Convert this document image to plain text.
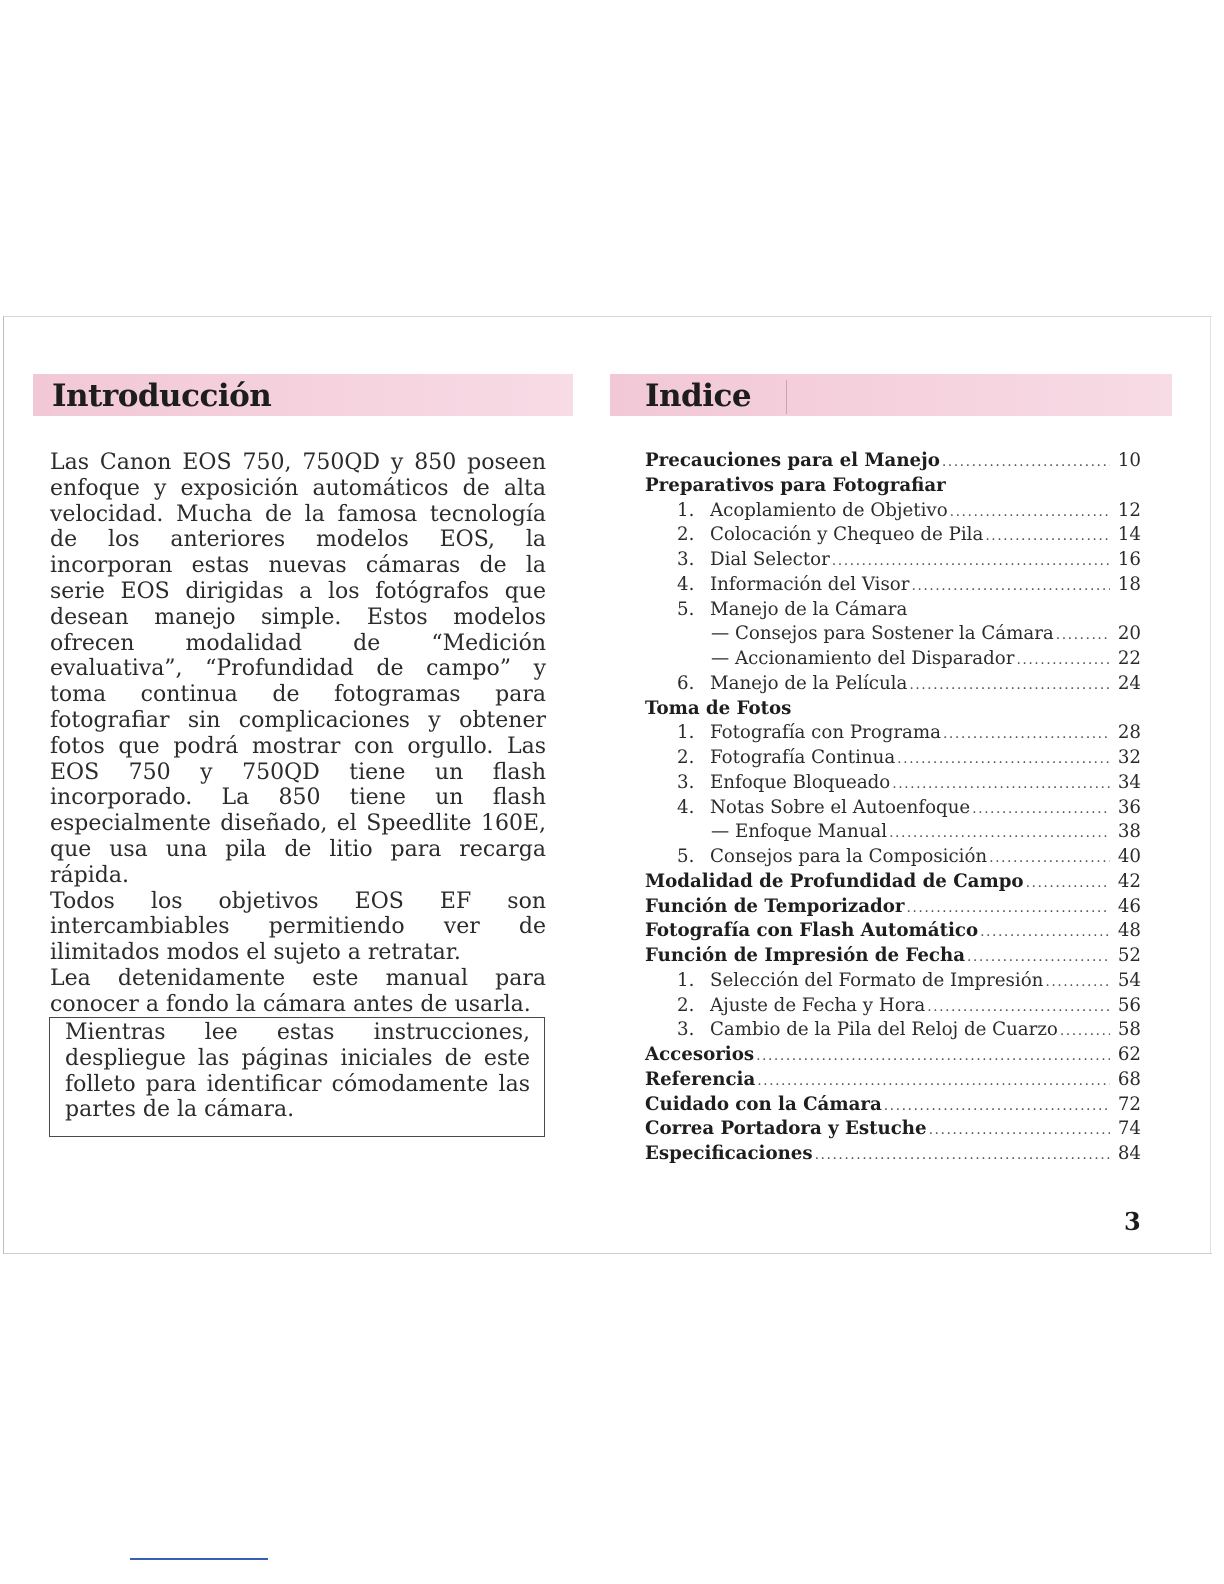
Introducción	Indice

Las Canon EOS 750, 750QD y 850 poseen enfoque y exposición automáticos de alta velocidad. Mucha de la famosa tecnología de los anteriores modelos EOS, la incorporan estas nuevas cámaras de la serie EOS dirigidas a los fotógrafos que desean manejo simple. Estos modelos ofrecen modalidad de “Medición evaluativa”, “Profundidad de campo” y toma continua de fotogramas para fotografiar sin complicaciones y obtener fotos que podrá mostrar con orgullo. Las EOS 750 y 750QD tiene un flash incorporado. La 850 tiene un flash especialmente diseñado, el Speedlite 160E, que usa una pila de litio para recarga rápida.

Todos los objetivos EOS EF son intercambiables permitiendo ver de ilimitados modos el sujeto a retratar.

Lea detenidamente este manual para conocer a fondo la cámara antes de usarla.

Mientras lee estas instrucciones, despliegue las páginas iniciales de este folleto para identificar cómodamente las partes de la cámara.

Precauciones para el Manejo .....	10
Preparativos para Fotografiar
1. Acoplamiento de Objetivo .....	12
2. Colocación y Chequeo de Pila .....	14
3. Dial Selector .....	16
4. Información del Visor .....	18
5. Manejo de la Cámara
— Consejos para Sostener la Cámara .....	20
— Accionamiento del Disparador .....	22
6. Manejo de la Película .....	24
Toma de Fotos
1. Fotografía con Programa .....	28
2. Fotografía Continua .....	32
3. Enfoque Bloqueado .....	34
4. Notas Sobre el Autoenfoque .....	36
— Enfoque Manual .....	38
5. Consejos para la Composición .....	40
Modalidad de Profundidad de Campo .....	42
Función de Temporizador .....	46
Fotografía con Flash Automático .....	48
Función de Impresión de Fecha .....	52
1. Selección del Formato de Impresión .....	54
2. Ajuste de Fecha y Hora .....	56
3. Cambio de la Pila del Reloj de Cuarzo .....	58
Accesorios .....	62
Referencia .....	68
Cuidado con la Cámara .....	72
Correa Portadora y Estuche .....	74
Especificaciones .....	84
3
